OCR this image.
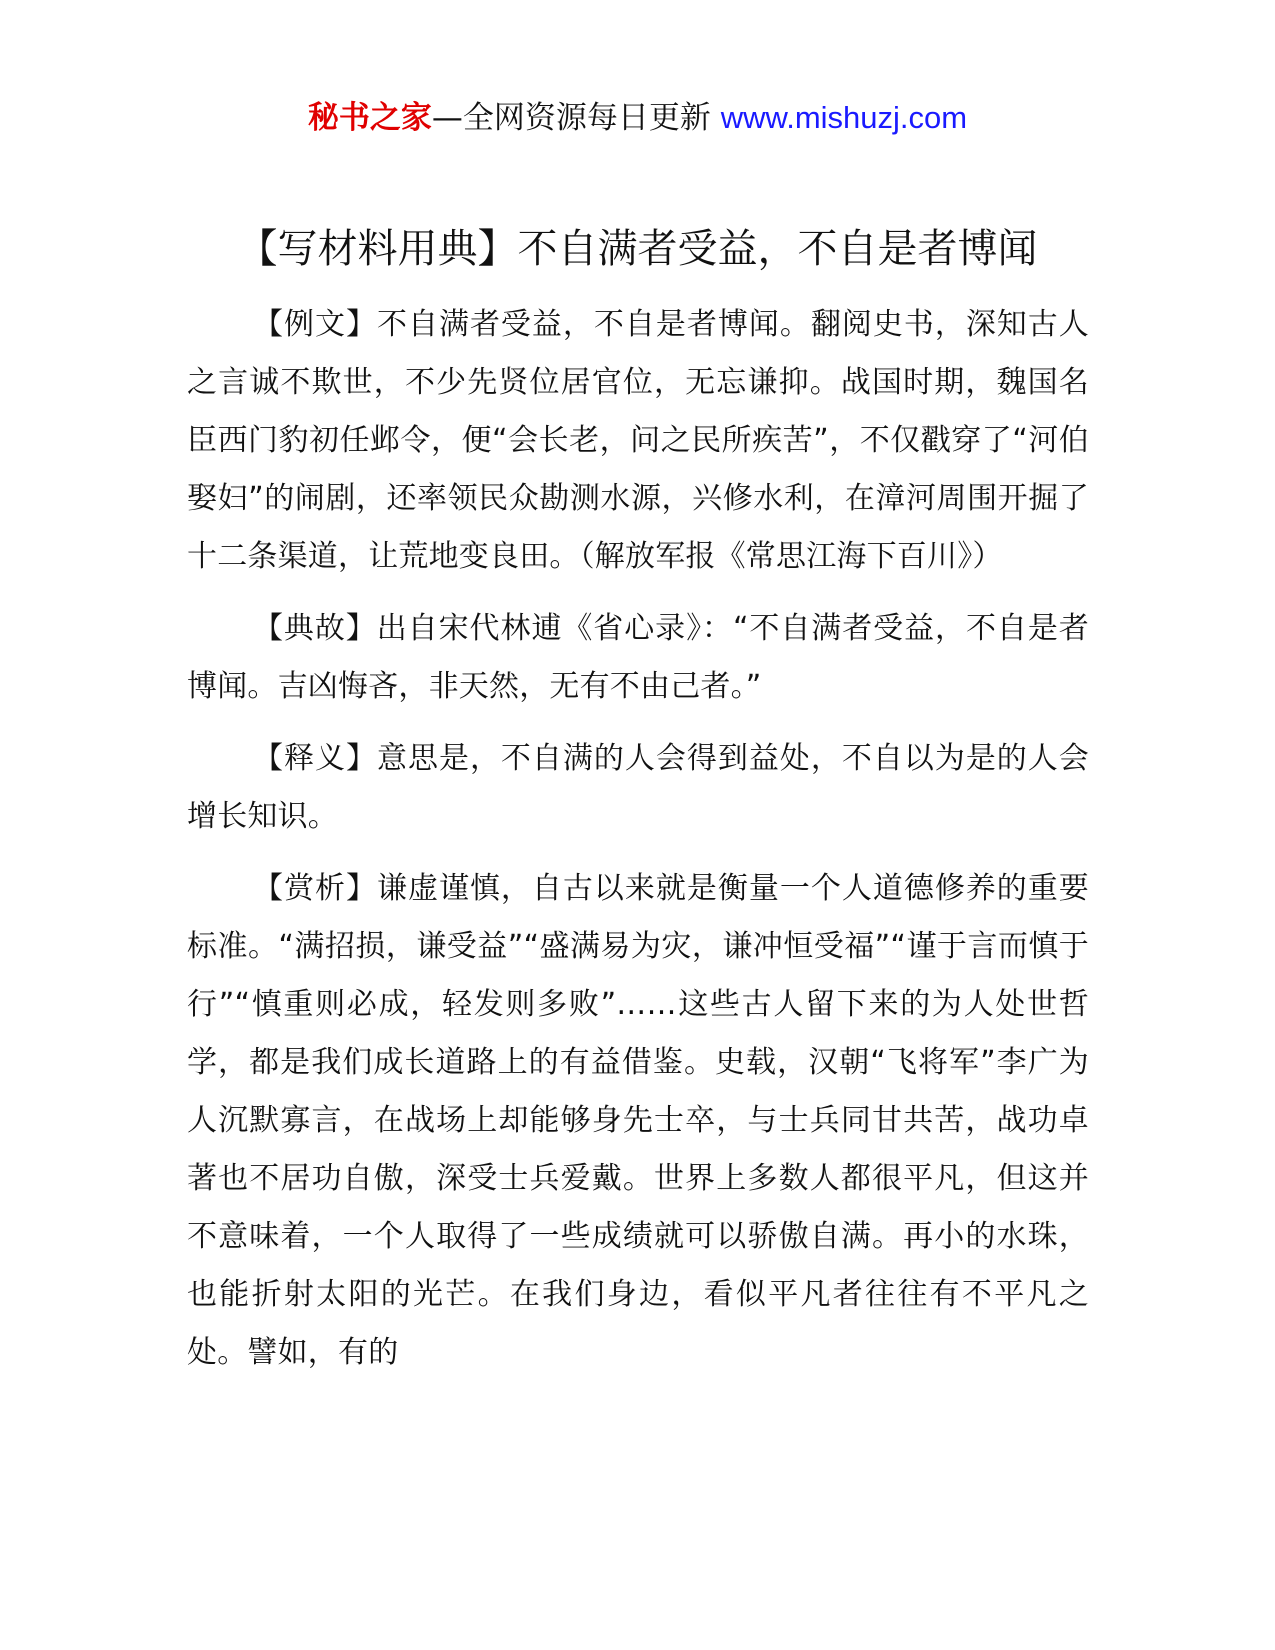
秘书之家—全网资源每日更新 www.mishuzj.com
【写材料用典】不自满者受益，不自是者博闻

【例文】不自满者受益，不自是者博闻。翻阅史书，深知古人之言诚不欺世，不少先贤位居官位，无忘谦抑。战国时期，魏国名臣西门豹初任邺令，便“会长老，问之民所疾苦”，不仅戳穿了“河伯娶妇”的闹剧，还率领民众勘测水源，兴修水利，在漳河周围开掘了十二条渠道，让荒地变良田。（解放军报《常思江海下百川》）

【典故】出自宋代林逋《省心录》：“不自满者受益，不自是者博闻。吉凶悔吝，非天然，无有不由己者。”

【释义】意思是，不自满的人会得到益处，不自以为是的人会增长知识。

【赏析】谦虚谨慎，自古以来就是衡量一个人道德修养的重要标准。“满招损，谦受益”“盛满易为灾，谦冲恒受福”“谨于言而慎于行”“慎重则必成，轻发则多败”……这些古人留下来的为人处世哲学，都是我们成长道路上的有益借鉴。史载，汉朝“飞将军”李广为人沉默寡言，在战场上却能够身先士卒，与士兵同甘共苦，战功卓著也不居功自傲，深受士兵爱戴。世界上多数人都很平凡，但这并不意味着，一个人取得了一些成绩就可以骄傲自满。再小的水珠，也能折射太阳的光芒。在我们身边，看似平凡者往往有不平凡之处。譬如，有的
